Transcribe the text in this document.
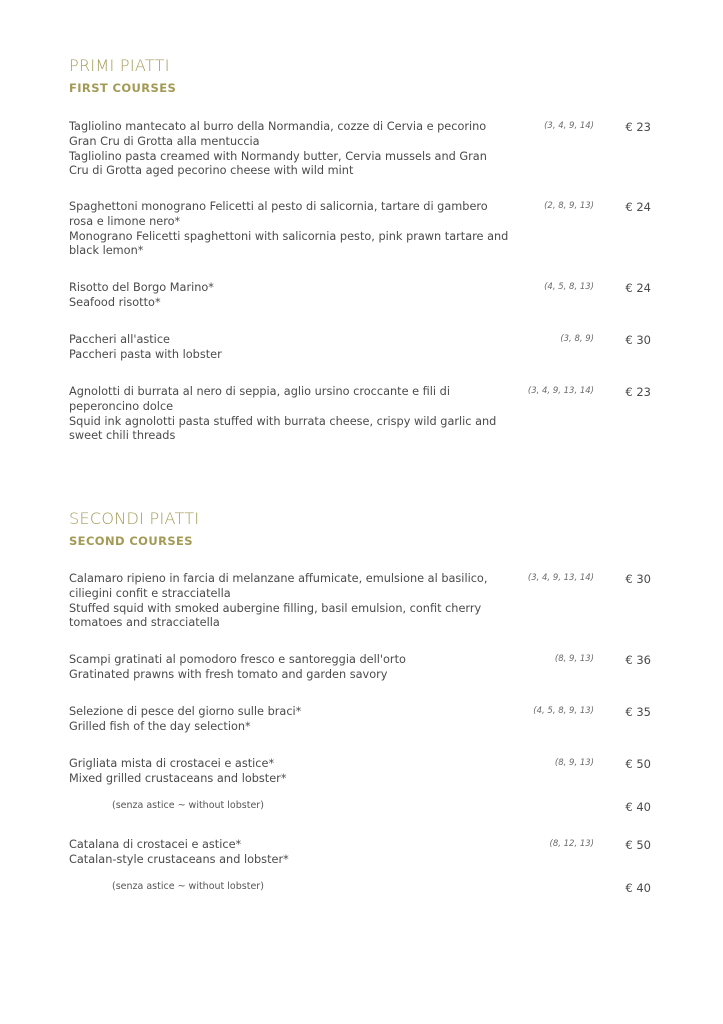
PRIMI PIATTI
FIRST COURSES
Tagliolino mantecato al burro della Normandia, cozze di Cervia e pecorino Gran Cru di Grotta alla mentuccia
Tagliolino pasta creamed with Normandy butter, Cervia mussels and Gran Cru di Grotta aged pecorino cheese with wild mint
(3, 4, 9, 14)	€ 23
Spaghettoni monograno Felicetti al pesto di salicornia, tartare di gambero rosa e limone nero*
Monograno Felicetti spaghettoni with salicornia pesto, pink prawn tartare and black lemon*
(2, 8, 9, 13)	€ 24
Risotto del Borgo Marino*
Seafood risotto*
(4, 5, 8, 13)	€ 24
Paccheri all'astice
Paccheri pasta with lobster
(3, 8, 9)	€ 30
Agnolotti di burrata al nero di seppia, aglio ursino croccante e fili di peperoncino dolce
Squid ink agnolotti pasta stuffed with burrata cheese, crispy wild garlic and sweet chili threads
(3, 4, 9, 13, 14)	€ 23
SECONDI PIATTI
SECOND COURSES
Calamaro ripieno in farcia di melanzane affumicate, emulsione al basilico, ciliegini confit e stracciatella
Stuffed squid with smoked aubergine filling, basil emulsion, confit cherry tomatoes and stracciatella
(3, 4, 9, 13, 14)	€ 30
Scampi gratinati al pomodoro fresco e santoreggia dell'orto
Gratinated prawns with fresh tomato and garden savory
(8, 9, 13)	€ 36
Selezione di pesce del giorno sulle braci*
Grilled fish of the day selection*
(4, 5, 8, 9, 13)	€ 35
Grigliata mista di crostacei e astice*
Mixed grilled crustaceans and lobster*
(8, 9, 13)	€ 50
(senza astice ~ without lobster)	€ 40
Catalana di crostacei e astice*
Catalan-style crustaceans and lobster*
(8, 12, 13)	€ 50
(senza astice ~ without lobster)	€ 40
